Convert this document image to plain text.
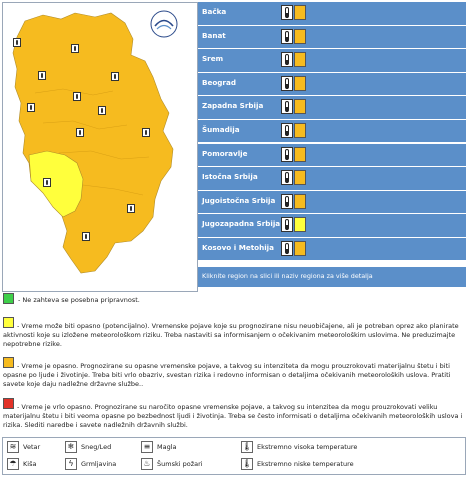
Bačka
Banat
Srem
Beograd
Zapadna Srbija
Šumadija
Pomoravlje
Istočna Srbija
Jugoistočna Srbija
Jugozapadna Srbija
Kosovo i Metohija
Kliknite region na slici ili naziv regiona za više detalja
- Ne zahteva se posebna pripravnost.
- Vreme može biti opasno (potencijalno). Vremenske pojave koje su prognozirane nisu neuobičajene, ali je potreban oprez ako planirate aktivnosti koje su izložene meteorološkom riziku. Treba nastaviti sa informisanjem o očekivanim meteorološkim uslovima. Ne preduzimajte nepotrebne rizike.
- Vreme je opasno. Prognozirane su opasne vremenske pojave, a takvog su intenziteta da mogu prouzrokovati materijalnu štetu i biti opasne po ljude i životinje. Treba biti vrlo obazriv, svestan rizika i redovno informisan o detaljima očekivanih meteoroloških uslova. Pratiti savete koje daju nadležne državne službe..
- Vreme je vrlo opasno. Prognozirane su naročito opasne vremenske pojave, a takvog su intenzitea da mogu prouzrokovati veliku materijalnu štetu i biti veoma opasne po bezbednost ljudi i životinja. Treba se često informisati o detaljima očekivanih meteoroloških uslova i rizika. Slediti naredbe i savete nadležnih državnih službi.
≋	Vetar	❄	Sneg/Led	≡	Magla	🌡 Ekstremno visoka temperature
☂ Kiša	ϟ	Grmljavina	♨ Šumski požari	🌡 Ekstremno niske temperature
